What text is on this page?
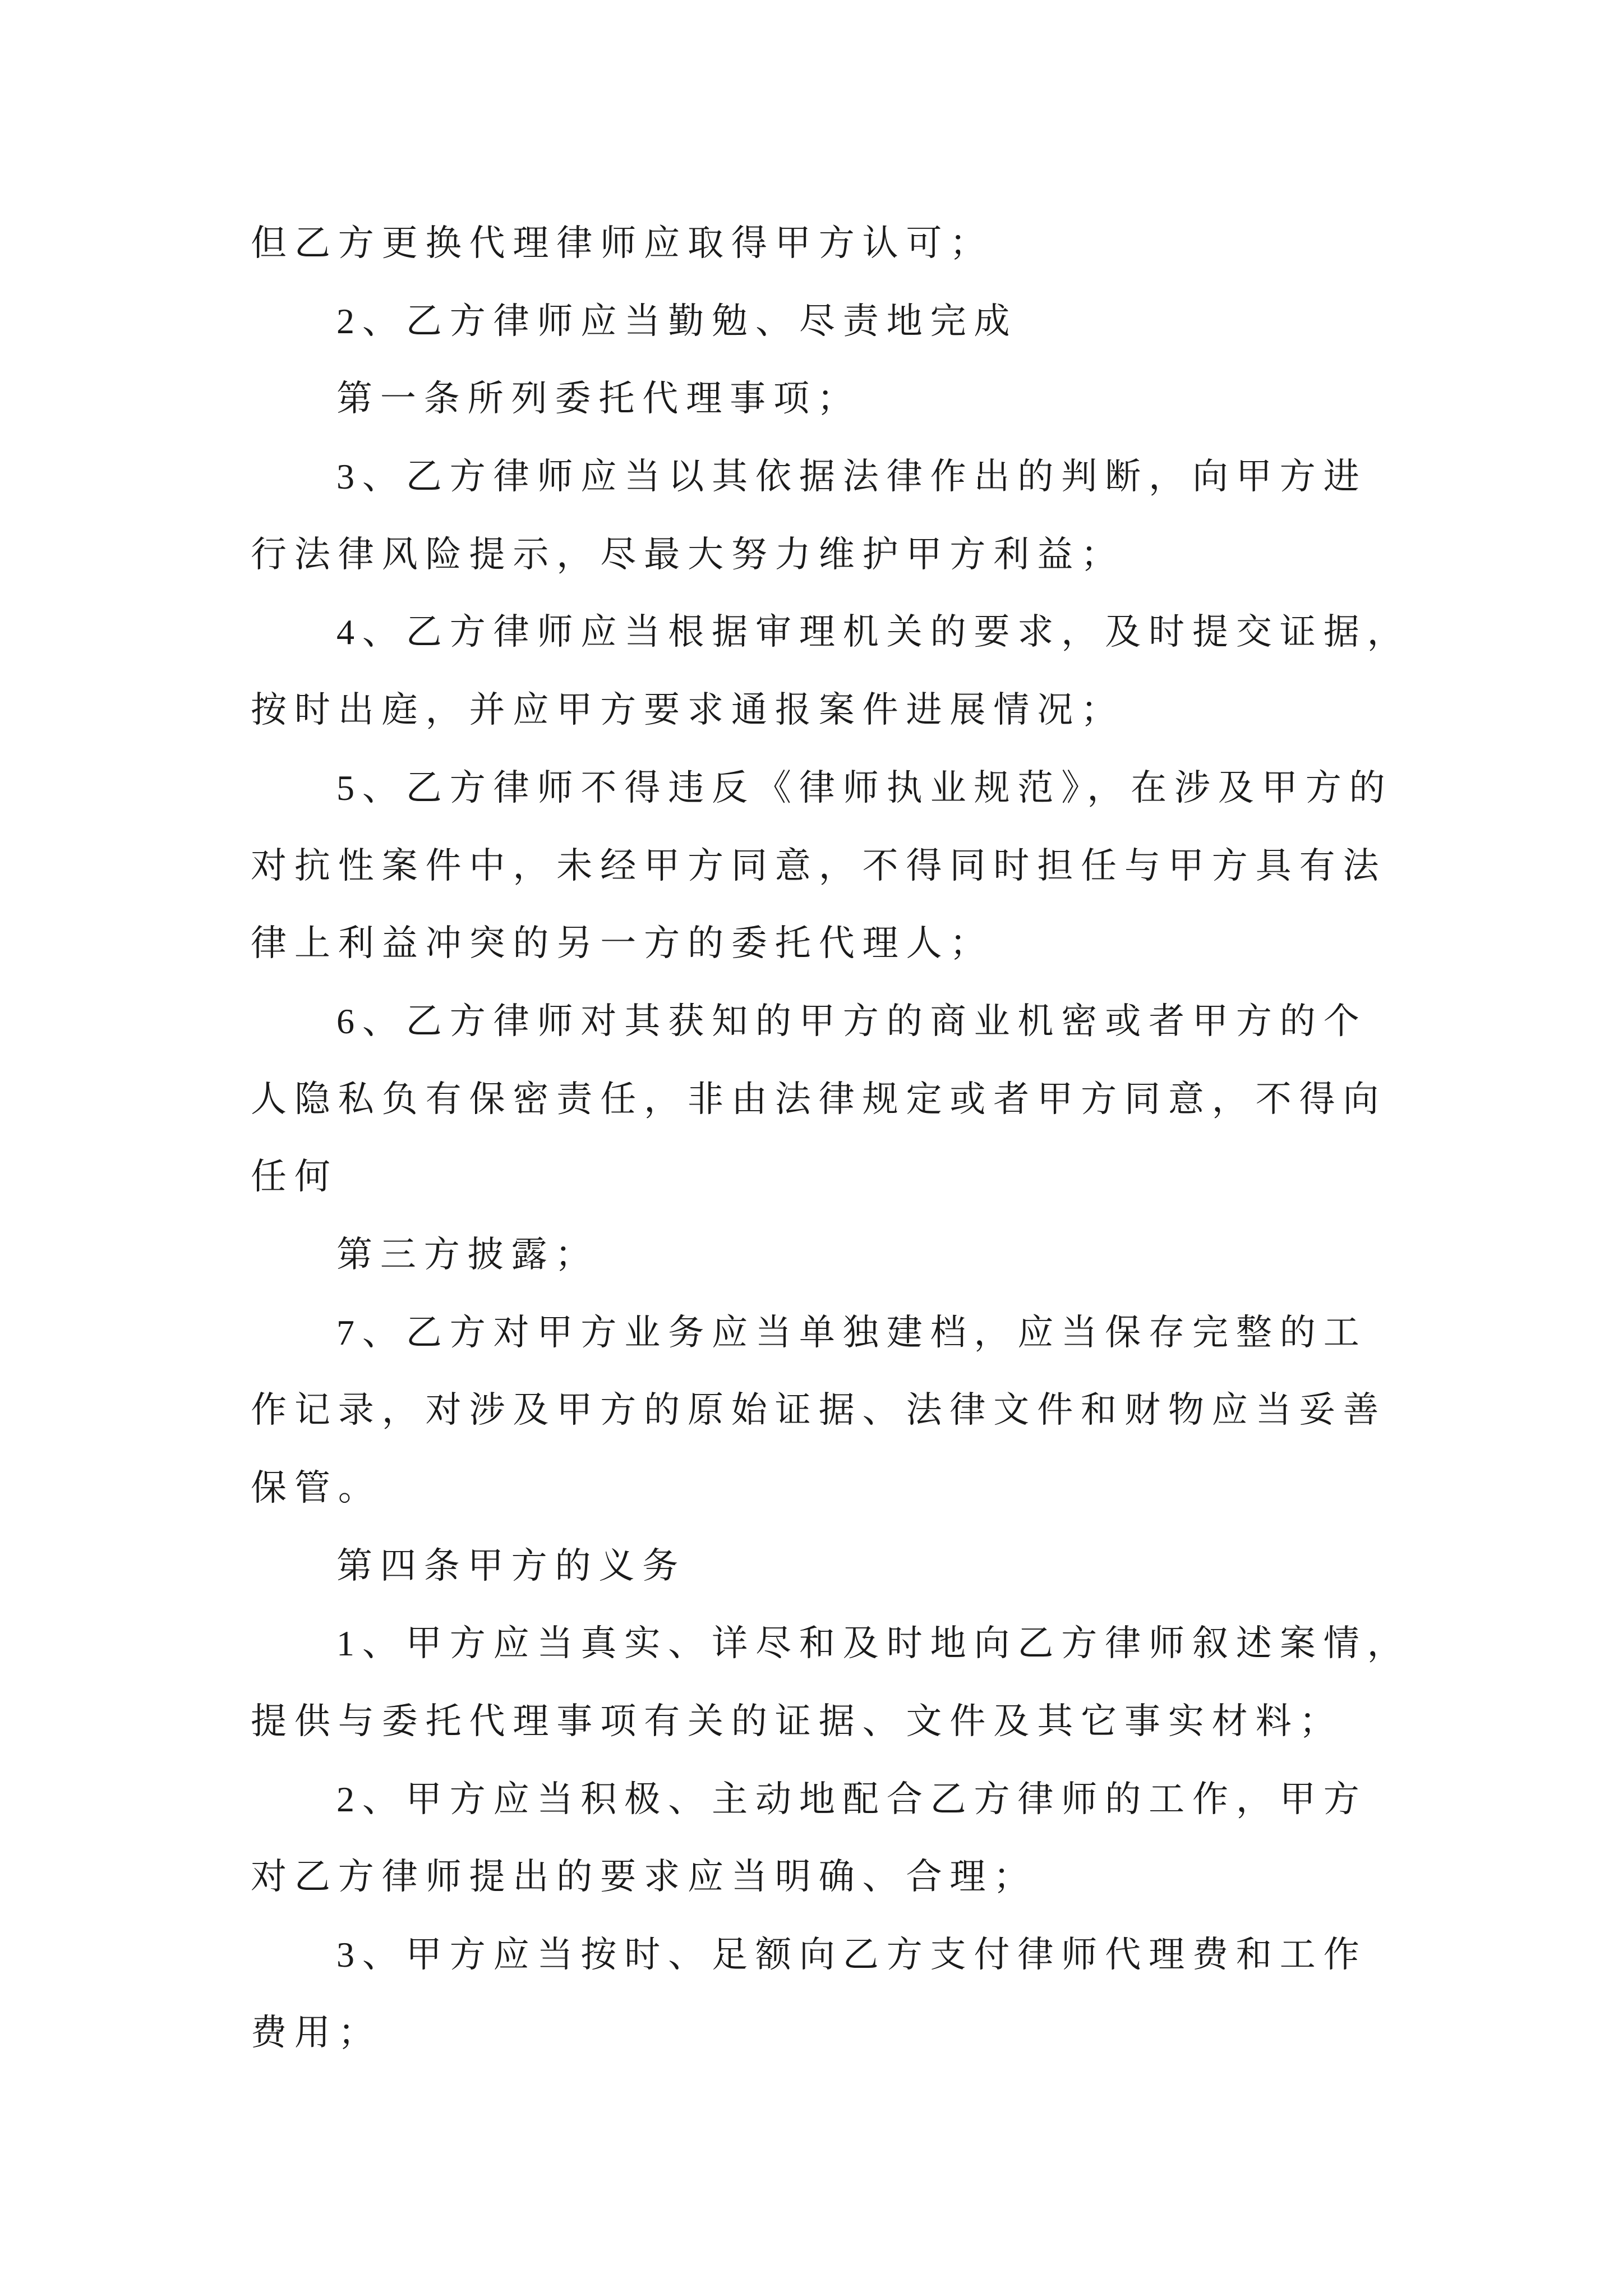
但乙方更换代理律师应取得甲方认可；
2、乙方律师应当勤勉、尽责地完成
第一条所列委托代理事项；
3、乙方律师应当以其依据法律作出的判断，向甲方进
行法律风险提示，尽最大努力维护甲方利益；
4、乙方律师应当根据审理机关的要求，及时提交证据，
按时出庭，并应甲方要求通报案件进展情况；
5、乙方律师不得违反《律师执业规范》，在涉及甲方的
对抗性案件中，未经甲方同意，不得同时担任与甲方具有法
律上利益冲突的另一方的委托代理人；
6、乙方律师对其获知的甲方的商业机密或者甲方的个
人隐私负有保密责任，非由法律规定或者甲方同意，不得向
任何
第三方披露；
7、乙方对甲方业务应当单独建档，应当保存完整的工
作记录，对涉及甲方的原始证据、法律文件和财物应当妥善
保管。
第四条甲方的义务
1、甲方应当真实、详尽和及时地向乙方律师叙述案情，
提供与委托代理事项有关的证据、文件及其它事实材料；
2、甲方应当积极、主动地配合乙方律师的工作，甲方
对乙方律师提出的要求应当明确、合理；
3、甲方应当按时、足额向乙方支付律师代理费和工作
费用；
